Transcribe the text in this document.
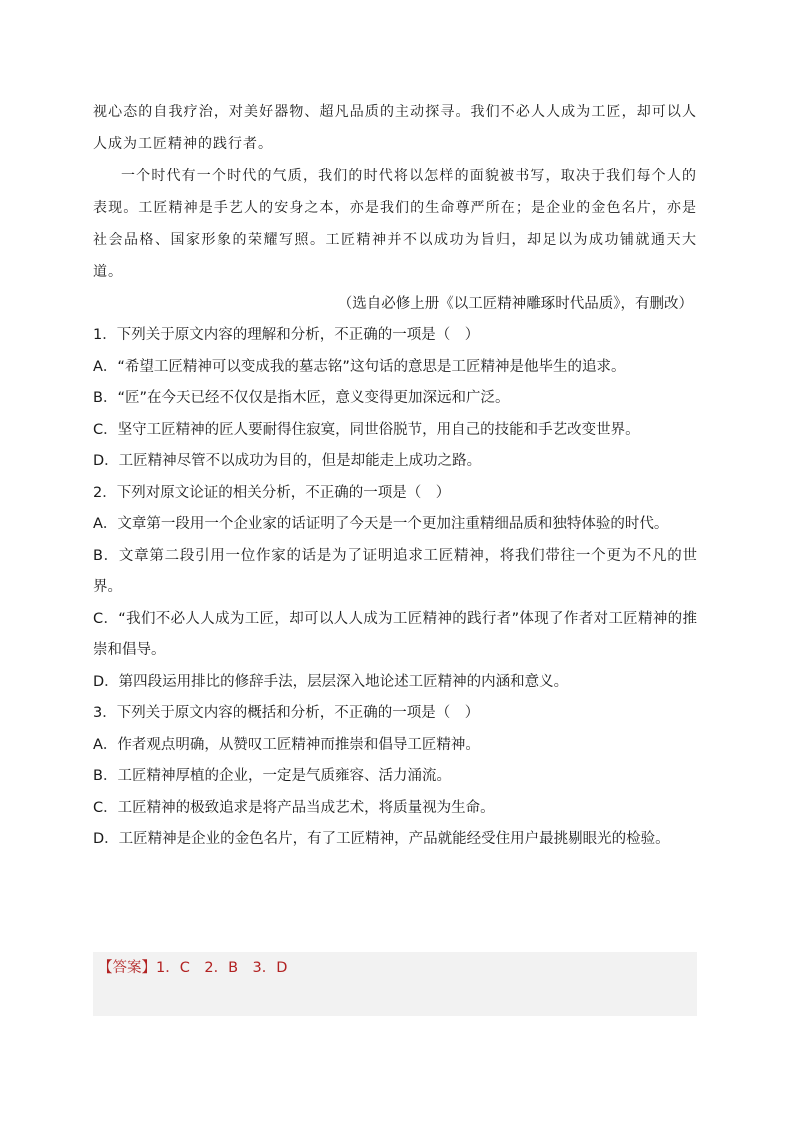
视心态的自我疗治，对美好器物、超凡品质的主动探寻。我们不必人人成为工匠，却可以人人成为工匠精神的践行者。

一个时代有一个时代的气质，我们的时代将以怎样的面貌被书写，取决于我们每个人的表现。工匠精神是手艺人的安身之本，亦是我们的生命尊严所在；是企业的金色名片，亦是社会品格、国家形象的荣耀写照。工匠精神并不以成功为旨归，却足以为成功铺就通天大道。

（选自必修上册《以工匠精神雕琢时代品质》，有删改）

1．下列关于原文内容的理解和分析，不正确的一项是（　）

A．“希望工匠精神可以变成我的墓志铭”这句话的意思是工匠精神是他毕生的追求。

B．“匠”在今天已经不仅仅是指木匠，意义变得更加深远和广泛。

C．坚守工匠精神的匠人要耐得住寂寞，同世俗脱节，用自己的技能和手艺改变世界。

D．工匠精神尽管不以成功为目的，但是却能走上成功之路。

2．下列对原文论证的相关分析，不正确的一项是（　）

A．文章第一段用一个企业家的话证明了今天是一个更加注重精细品质和独特体验的时代。

B．文章第二段引用一位作家的话是为了证明追求工匠精神，将我们带往一个更为不凡的世界。

C．“我们不必人人成为工匠，却可以人人成为工匠精神的践行者”体现了作者对工匠精神的推崇和倡导。

D．第四段运用排比的修辞手法，层层深入地论述工匠精神的内涵和意义。

3．下列关于原文内容的概括和分析，不正确的一项是（　）

A．作者观点明确，从赞叹工匠精神而推崇和倡导工匠精神。

B．工匠精神厚植的企业，一定是气质雍容、活力涌流。

C．工匠精神的极致追求是将产品当成艺术，将质量视为生命。

D．工匠精神是企业的金色名片，有了工匠精神，产品就能经受住用户最挑剔眼光的检验。

【答案】1．C　2．B　3．D
